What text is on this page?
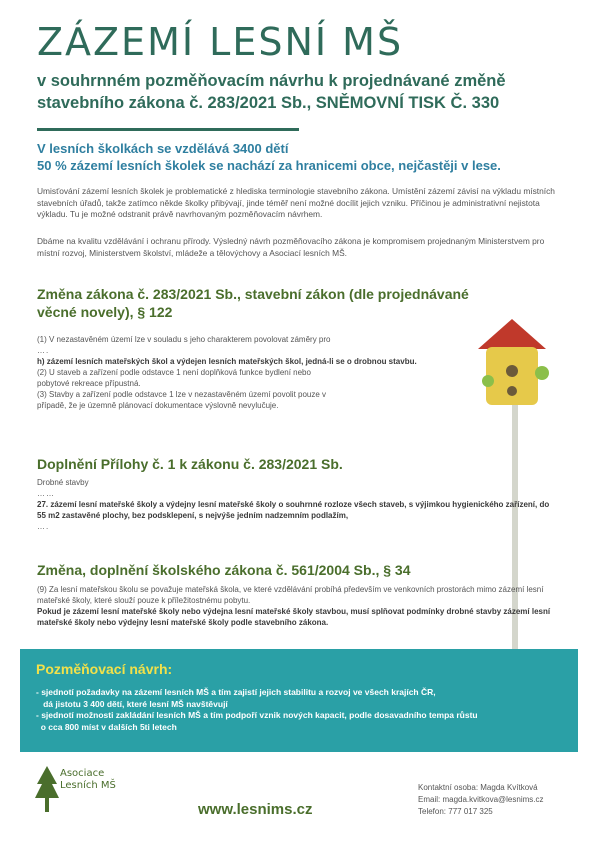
ZÁZEMÍ LESNÍ MŠ
v souhrnném pozměňovacím návrhu k projednávané změně
stavebního zákona č. 283/2021 Sb., SNĚMOVNÍ TISK Č. 330
V lesních školkách se vzdělává 3400 dětí
50 % zázemí lesních školek se nachází za hranicemi obce, nejčastěji v lese.
Umisťování zázemí lesních školek je problematické z hlediska terminologie stavebního zákona. Umístění zázemí závisí na výkladu místních stavebních úřadů, takže zatímco někde školky přibývají, jinde téměř není možné docílit jejich vzniku. Příčinou je administrativní nejistota výkladu. Tu je možné odstranit právě navrhovaným pozměňovacím návrhem.
Dbáme na kvalitu vzdělávání i ochranu přírody. Výsledný návrh pozměňovacího zákona je kompromisem projednaným Ministerstvem pro místní rozvoj, Ministerstvem školství, mládeže a tělovýchovy a Asociací lesních MŠ.
Změna zákona č. 283/2021 Sb., stavební zákon (dle projednávané věcné novely), § 122
(1) V nezastavěném území lze v souladu s jeho charakterem povolovat záměry pro
….
h) zázemí lesních mateřských škol a výdejen lesních mateřských škol, jedná-li se o drobnou stavbu.
(2) U staveb a zařízení podle odstavce 1 není doplňková funkce bydlení nebo pobytové rekreace přípustná.
(3) Stavby a zařízení podle odstavce 1 lze v nezastavěném území povolit pouze v případě, že je územně plánovací dokumentace výslovně nevylučuje.
Doplnění Přílohy č. 1 k zákonu č. 283/2021 Sb.
Drobné stavby
……
27. zázemí lesní mateřské školy a výdejny lesní mateřské školy o souhrnné rozloze všech staveb, s výjimkou hygienického zařízení, do 55 m2 zastavěné plochy, bez podsklepení, s nejvýše jedním nadzemním podlažím,
….
Změna, doplnění školského zákona č. 561/2004 Sb., § 34
(9) Za lesní mateřskou školu se považuje mateřská škola, ve které vzdělávání probíhá především ve venkovních prostorách mimo zázemí lesní mateřské školy, které slouží pouze k příležitostnému pobytu.
Pokud je zázemí lesní mateřské školy nebo výdejna lesní mateřské školy stavbou, musí splňovat podmínky drobné stavby zázemí lesní mateřské školy nebo výdejny lesní mateřské školy podle stavebního zákona.
Pozměňovací návrh:
- sjednotí požadavky na zázemí lesních MŠ a tím zajistí jejich stabilitu a rozvoj ve všech krajích ČR,
dá jistotu 3 400 dětí, které lesní MŠ navštěvují
- sjednotí možnosti zakládání lesních MŠ a tím podpoří vznik nových kapacit, podle dosavadního tempa růstu
o cca 800 míst v dalších 5ti letech
Asociace
Lesních MŠ
www.lesnims.cz
Kontaktní osoba: Magda Kvítková
Email: magda.kvitkova@lesnims.cz
Telefon: 777 017 325
